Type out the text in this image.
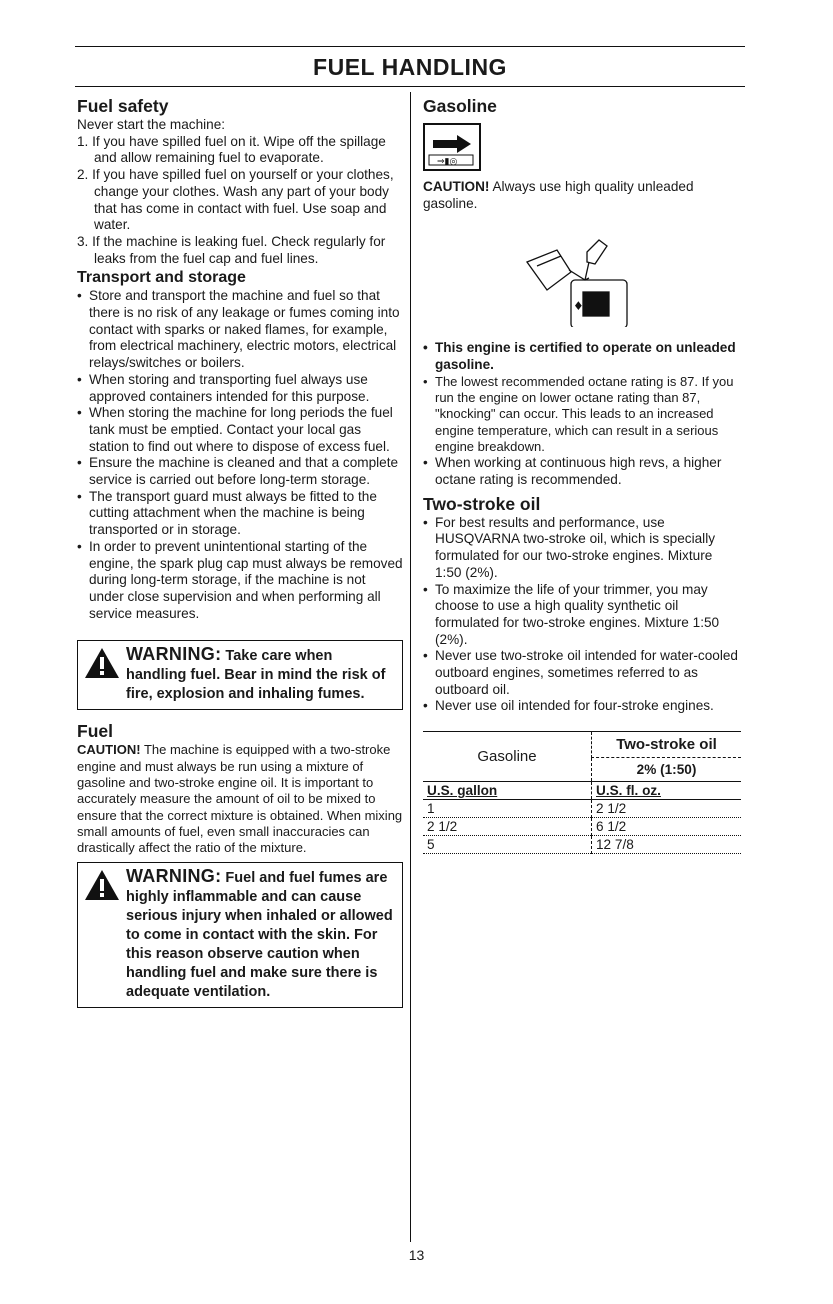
FUEL HANDLING
Fuel safety

Never start the machine:

1. If you have spilled fuel on it. Wipe off the spillage and allow remaining fuel to evaporate.
2. If you have spilled fuel on yourself or your clothes, change your clothes. Wash any part of your body that has come in contact with fuel. Use soap and water.
3. If the machine is leaking fuel. Check regularly for leaks from the fuel cap and fuel lines.
Transport and storage
• Store and transport the machine and fuel so that there is no risk of any leakage or fumes coming into contact with sparks or naked flames, for example, from electrical machinery, electric motors, electrical relays/switches or boilers.
• When storing and transporting fuel always use approved containers intended for this purpose.
• When storing the machine for long periods the fuel tank must be emptied. Contact your local gas station to find out where to dispose of excess fuel.
• Ensure the machine is cleaned and that a complete service is carried out before long-term storage.
• The transport guard must always be fitted to the cutting attachment when the machine is being transported or in storage.
• In order to prevent unintentional starting of the engine, the spark plug cap must always be removed during long-term storage, if the machine is not under close supervision and when performing all service measures.
WARNING: Take care when handling fuel. Bear in mind the risk of fire, explosion and inhaling fumes.
Fuel

CAUTION! The machine is equipped with a two-stroke engine and must always be run using a mixture of gasoline and two-stroke engine oil. It is important to accurately measure the amount of oil to be mixed to ensure that the correct mixture is obtained. When mixing small amounts of fuel, even small inaccuracies can drastically affect the ratio of the mixture.

WARNING: Fuel and fuel fumes are highly inflammable and can cause serious injury when inhaled or allowed to come in contact with the skin. For this reason observe caution when handling fuel and make sure there is adequate ventilation.
Gasoline
⇒▮◎

CAUTION! Always use high quality unleaded gasoline.

♦+
• This engine is certified to operate on unleaded gasoline.
• The lowest recommended octane rating is 87. If you run the engine on lower octane rating than 87, "knocking" can occur. This leads to an increased engine temperature, which can result in a serious engine breakdown.
• When working at continuous high revs, a higher octane rating is recommended.
Two-stroke oil
• For best results and performance, use HUSQVARNA two-stroke oil, which is specially formulated for our two-stroke engines. Mixture 1:50 (2%).
• To maximize the life of your trimmer, you may choose to use a high quality synthetic oil formulated for two-stroke engines. Mixture 1:50 (2%).
• Never use two-stroke oil intended for water-cooled outboard engines, sometimes referred to as outboard oil.
• Never use oil intended for four-stroke engines.
Gasoline	Two-stroke oil
	2% (1:50)
U.S. gallon	U.S. fl. oz.
1	2 1/2
2 1/2	6 1/2
5	12 7/8
13
